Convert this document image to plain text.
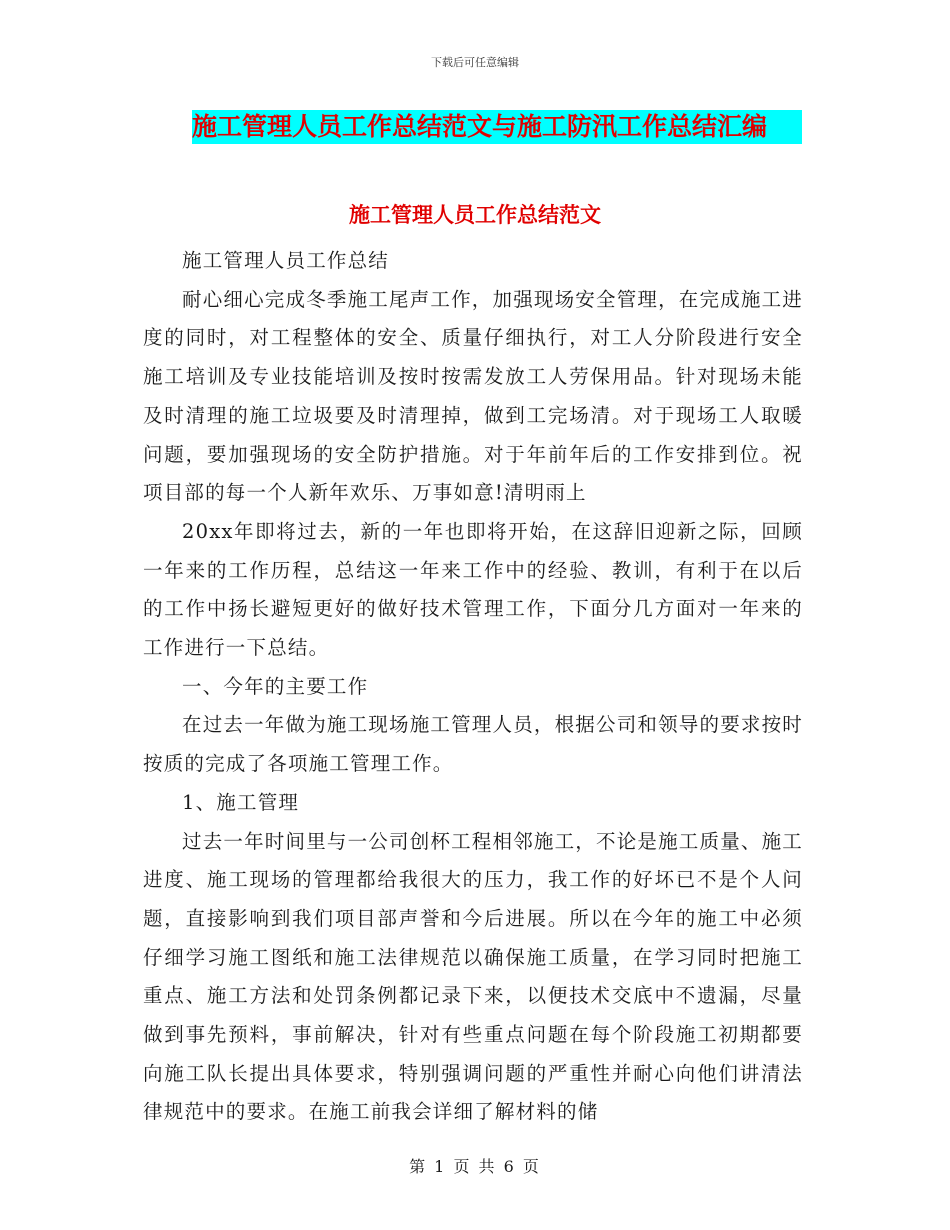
下载后可任意编辑
施工管理人员工作总结范文与施工防汛工作总结汇编
施工管理人员工作总结范文

施工管理人员工作总结

耐心细心完成冬季施工尾声工作，加强现场安全管理，在完成施工进度的同时，对工程整体的安全、质量仔细执行，对工人分阶段进行安全施工培训及专业技能培训及按时按需发放工人劳保用品。针对现场未能及时清理的施工垃圾要及时清理掉，做到工完场清。对于现场工人取暖问题，要加强现场的安全防护措施。对于年前年后的工作安排到位。祝项目部的每一个人新年欢乐、万事如意!清明雨上

20xx年即将过去，新的一年也即将开始，在这辞旧迎新之际，回顾一年来的工作历程，总结这一年来工作中的经验、教训，有利于在以后的工作中扬长避短更好的做好技术管理工作，下面分几方面对一年来的工作进行一下总结。

一、今年的主要工作

在过去一年做为施工现场施工管理人员，根据公司和领导的要求按时按质的完成了各项施工管理工作。

1、施工管理

过去一年时间里与一公司创杯工程相邻施工，不论是施工质量、施工进度、施工现场的管理都给我很大的压力，我工作的好坏已不是个人问题，直接影响到我们项目部声誉和今后进展。所以在今年的施工中必须仔细学习施工图纸和施工法律规范以确保施工质量，在学习同时把施工重点、施工方法和处罚条例都记录下来，以便技术交底中不遗漏，尽量做到事先预料，事前解决，针对有些重点问题在每个阶段施工初期都要向施工队长提出具体要求，特别强调问题的严重性并耐心向他们讲清法律规范中的要求。在施工前我会详细了解材料的储

第 1 页 共 6 页
